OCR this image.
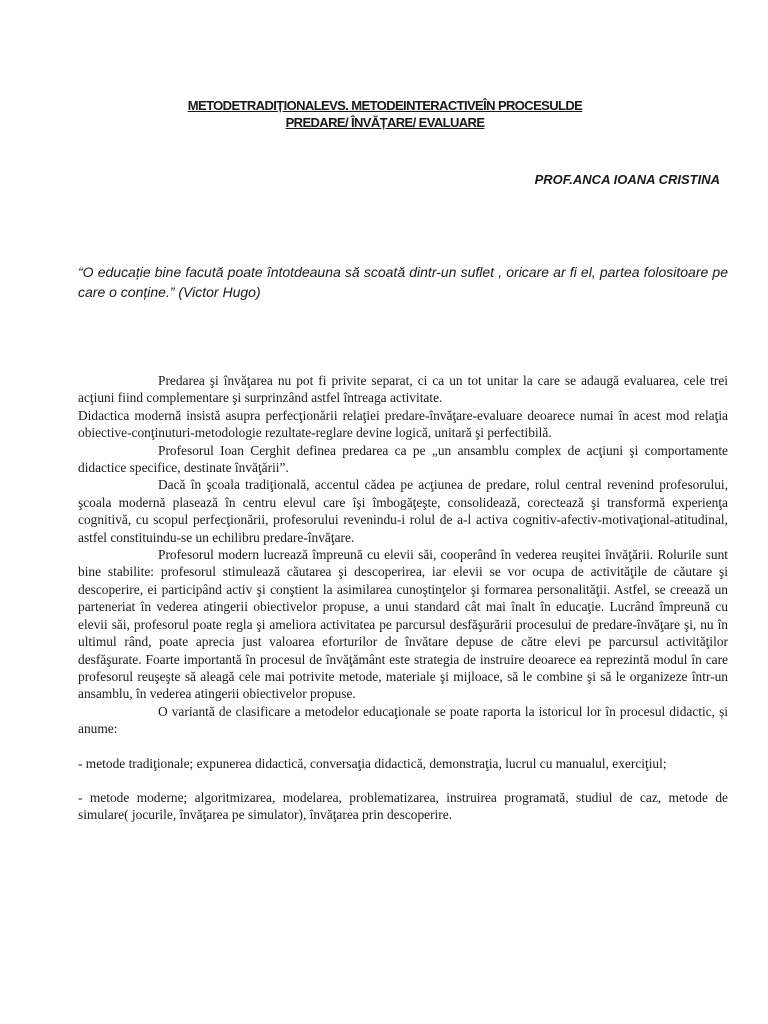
METODETRADIȚIONALEVS. METODEINTERACTIVEÎN PROCESULDE
PREDARE/ ÎNVĂȚARE/ EVALUARE
PROF.ANCA IOANA CRISTINA
“O educație bine facută poate întotdeauna să scoată dintr-un suflet , oricare ar fi el, partea folositoare pe care o conține.” (Victor Hugo)

Predarea şi învăţarea nu pot fi privite separat, ci ca un tot unitar la care se adaugă evaluarea, cele trei acţiuni fiind complementare şi surprinzând astfel întreaga activitate.

Didactica modernă insistă asupra perfecţionării relaţiei predare-învăţare-evaluare deoarece numai în acest mod relaţia obiective-conţinuturi-metodologie rezultate-reglare devine logică, unitară şi perfectibilă.

Profesorul Ioan Cerghit definea predarea ca pe „un ansamblu complex de acţiuni şi comportamente didactice specifice, destinate învăţării”.

Dacă în şcoala tradiţională, accentul cădea pe acţiunea de predare, rolul central revenind profesorului, şcoala modernă plasează în centru elevul care îşi îmbogăţeşte, consolidează, corectează şi transformă experienţa cognitivă, cu scopul perfecţionării, profesorului revenindu-i rolul de a-l activa cognitiv-afectiv-motivaţional-atitudinal, astfel constituindu-se un echilibru predare-învăţare.

Profesorul modern lucrează împreună cu elevii săi, cooperând în vederea reuşitei învăţării. Rolurile sunt bine stabilite: profesorul stimulează căutarea şi descoperirea, iar elevii se vor ocupa de activităţile de căutare şi descoperire, ei participând activ şi conştient la asimilarea cunoştinţelor şi formarea personalităţii. Astfel, se creează un parteneriat în vederea atingerii obiectivelor propuse, a unui standard cât mai înalt în educaţie. Lucrând împreună cu elevii săi, profesorul poate regla şi ameliora activitatea pe parcursul desfăşurării procesului de predare-învăţare şi, nu în ultimul rând, poate aprecia just valoarea eforturilor de învătare depuse de către elevi pe parcursul activităţilor desfăşurate. Foarte importantă în procesul de învăţământ este strategia de instruire deoarece ea reprezintă modul în care profesorul reuşeşte să aleagă cele mai potrivite metode, materiale şi mijloace, să le combine şi să le organizeze într-un ansamblu, în vederea atingerii obiectivelor propuse.

O variantă de clasificare a metodelor educaţionale se poate raporta la istoricul lor în procesul didactic, și anume:

- metode tradiţionale; expunerea didactică, conversaţia didactică, demonstraţia, lucrul cu manualul, exerciţiul;

- metode moderne; algoritmizarea, modelarea, problematizarea, instruirea programată, studiul de caz, metode de simulare( jocurile, învăţarea pe simulator), învăţarea prin descoperire.
